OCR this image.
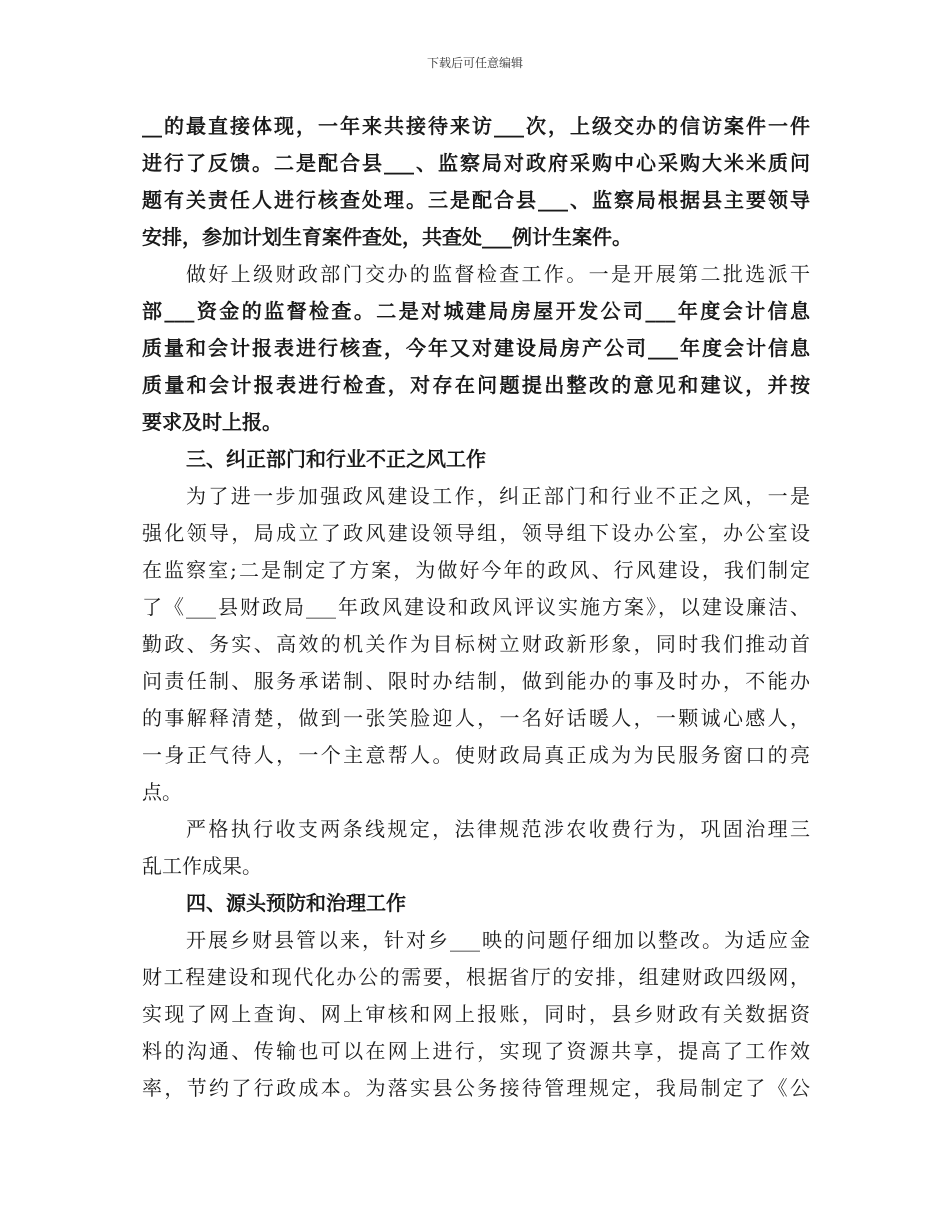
下载后可任意编辑
__的最直接体现，一年来共接待来访___次，上级交办的信访案件一件
进行了反馈。二是配合县___、监察局对政府采购中心采购大米米质问
题有关责任人进行核查处理。三是配合县___、监察局根据县主要领导
安排，参加计划生育案件查处，共查处___例计生案件。
做好上级财政部门交办的监督检查工作。一是开展第二批选派干
部___资金的监督检查。二是对城建局房屋开发公司___年度会计信息
质量和会计报表进行核查，今年又对建设局房产公司___年度会计信息
质量和会计报表进行检查，对存在问题提出整改的意见和建议，并按
要求及时上报。
三、纠正部门和行业不正之风工作
为了进一步加强政风建设工作，纠正部门和行业不正之风，一是
强化领导，局成立了政风建设领导组，领导组下设办公室，办公室设
在监察室;二是制定了方案，为做好今年的政风、行风建设，我们制定
了《___县财政局___年政风建设和政风评议实施方案》，以建设廉洁、
勤政、务实、高效的机关作为目标树立财政新形象，同时我们推动首
问责任制、服务承诺制、限时办结制，做到能办的事及时办，不能办
的事解释清楚，做到一张笑脸迎人，一名好话暖人，一颗诚心感人，
一身正气待人，一个主意帮人。使财政局真正成为为民服务窗口的亮
点。
严格执行收支两条线规定，法律规范涉农收费行为，巩固治理三
乱工作成果。
四、源头预防和治理工作
开展乡财县管以来，针对乡___映的问题仔细加以整改。为适应金
财工程建设和现代化办公的需要，根据省厅的安排，组建财政四级网，
实现了网上查询、网上审核和网上报账，同时，县乡财政有关数据资
料的沟通、传输也可以在网上进行，实现了资源共享，提高了工作效
率，节约了行政成本。为落实县公务接待管理规定，我局制定了《公
